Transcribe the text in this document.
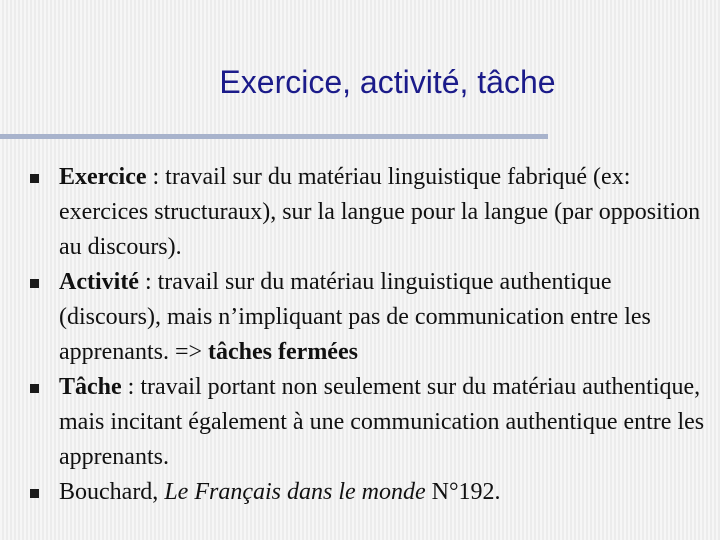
Exercice, activité, tâche
Exercice : travail sur du matériau linguistique fabriqué (ex: exercices structuraux), sur la langue pour la langue (par opposition au discours).
Activité : travail sur du matériau linguistique authentique (discours), mais n’impliquant pas de communication entre les apprenants. => tâches fermées
Tâche : travail portant non seulement sur du matériau authentique, mais incitant également à une communication authentique entre les apprenants.
Bouchard, Le Français dans le monde N°192.
